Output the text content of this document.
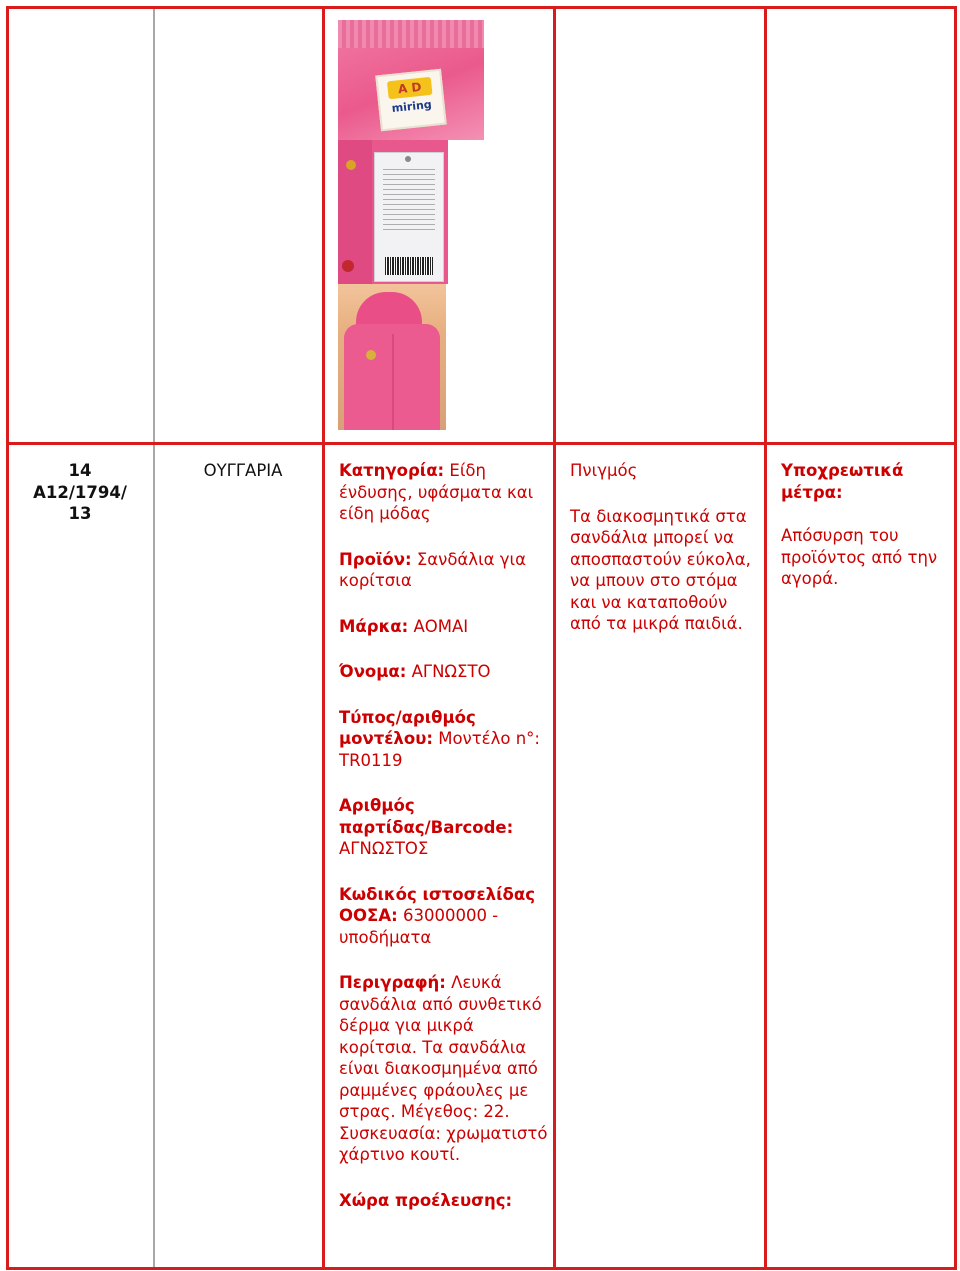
A D
miring
14
A12/1794/
13
ΟΥΓΓΑΡΙΑ	Κατηγορία: Είδη ένδυσης, υφάσματα και είδη μόδας

Προϊόν: Σανδάλια για κορίτσια

Μάρκα: ΑΟΜΑΙ

Όνομα: ΑΓΝΩΣΤΟ

Τύπος/αριθμός μοντέλου: Μοντέλο n°: TR0119

Αριθμός παρτίδας/Barcode: ΑΓΝΩΣΤΟΣ

Κωδικός ιστοσελίδας ΟΟΣΑ: 63000000 - υποδήματα

Περιγραφή: Λευκά σανδάλια από συνθετικό δέρμα για μικρά κορίτσια. Τα σανδάλια είναι διακοσμημένα από ραμμένες φράουλες με στρας. Μέγεθος: 22. Συσκευασία: χρωματιστό χάρτινο κουτί.

Χώρα προέλευσης:

Πνιγμός

Τα διακοσμητικά στα σανδάλια μπορεί να αποσπαστούν εύκολα, να μπουν στο στόμα και να καταποθούν από τα μικρά παιδιά.

Υποχρεωτικά μέτρα:

Απόσυρση του προϊόντος από την αγορά.
